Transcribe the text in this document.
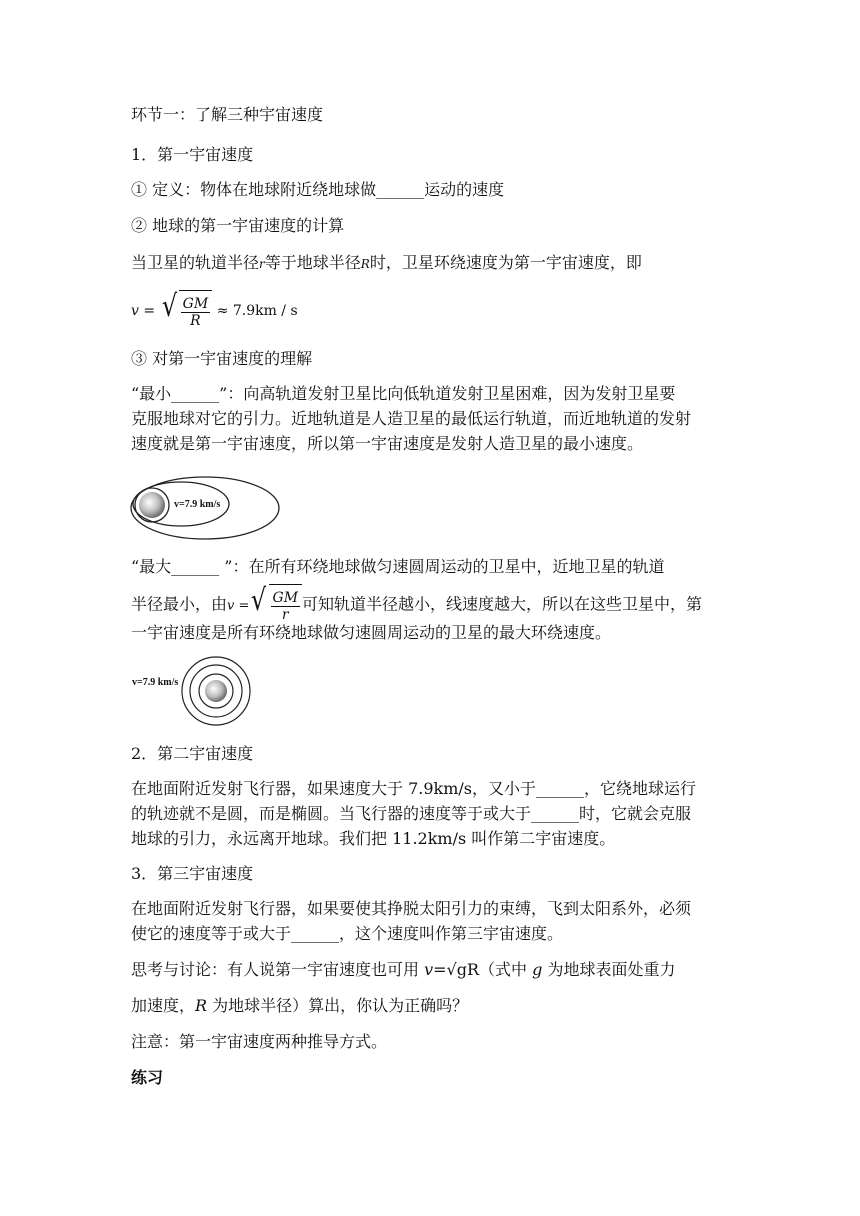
环节一：了解三种宇宙速度
1．第一宇宙速度
① 定义：物体在地球附近绕地球做______运动的速度
② 地球的第一宇宙速度的计算
当卫星的轨道半径r等于地球半径R时，卫星环绕速度为第一宇宙速度，即
v = √ $\frac{GM}{R} \approx 7.9km / s$
③ 对第一宇宙速度的理解
“最小______”：向高轨道发射卫星比向低轨道发射卫星困难，因为发射卫星要
克服地球对它的引力。近地轨道是人造卫星的最低运行轨道，而近地轨道的发射
速度就是第一宇宙速度，所以第一宇宙速度是发射人造卫星的最小速度。
v=7.9 km/s
“最大______ ”：在所有环绕地球做匀速圆周运动的卫星中，近地卫星的轨道
半径最小，由v = √ $\frac{GM}{r}$ 可知轨道半径越小，线速度越大，所以在这些卫星中，第
一宇宙速度是所有环绕地球做匀速圆周运动的卫星的最大环绕速度。
v=7.9 km/s
2．第二宇宙速度
在地面附近发射飞行器，如果速度大于 7.9km/s，又小于______，它绕地球运行
的轨迹就不是圆，而是椭圆。当飞行器的速度等于或大于______时，它就会克服
地球的引力，永远离开地球。我们把 11.2km/s 叫作第二宇宙速度。
3．第三宇宙速度
在地面附近发射飞行器，如果要使其挣脱太阳引力的束缚，飞到太阳系外，必须
使它的速度等于或大于______，这个速度叫作第三宇宙速度。
思考与讨论：有人说第一宇宙速度也可用 v=√gR（式中 g 为地球表面处重力
加速度，R 为地球半径）算出，你认为正确吗？
注意：第一宇宙速度两种推导方式。
练习
